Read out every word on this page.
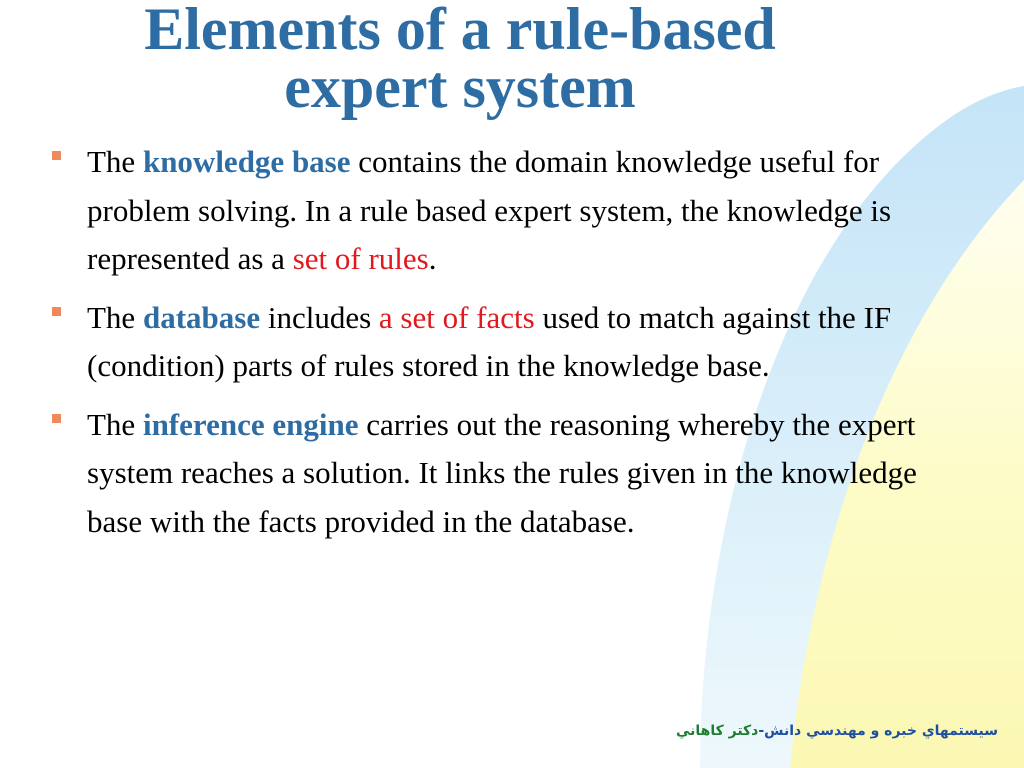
Elements of a rule-based
expert system
The knowledge base contains the domain knowledge useful for problem solving. In a rule based expert system, the knowledge is represented as a set of rules.
The database includes a set of facts used to match against the IF (condition) parts of rules stored in the knowledge base.
The inference engine carries out the reasoning whereby the expert system reaches a solution. It links the rules given in the knowledge base with the facts provided in the database.
سيستمهاي خبره و مهندسي دانش-دكتر كاهاني
